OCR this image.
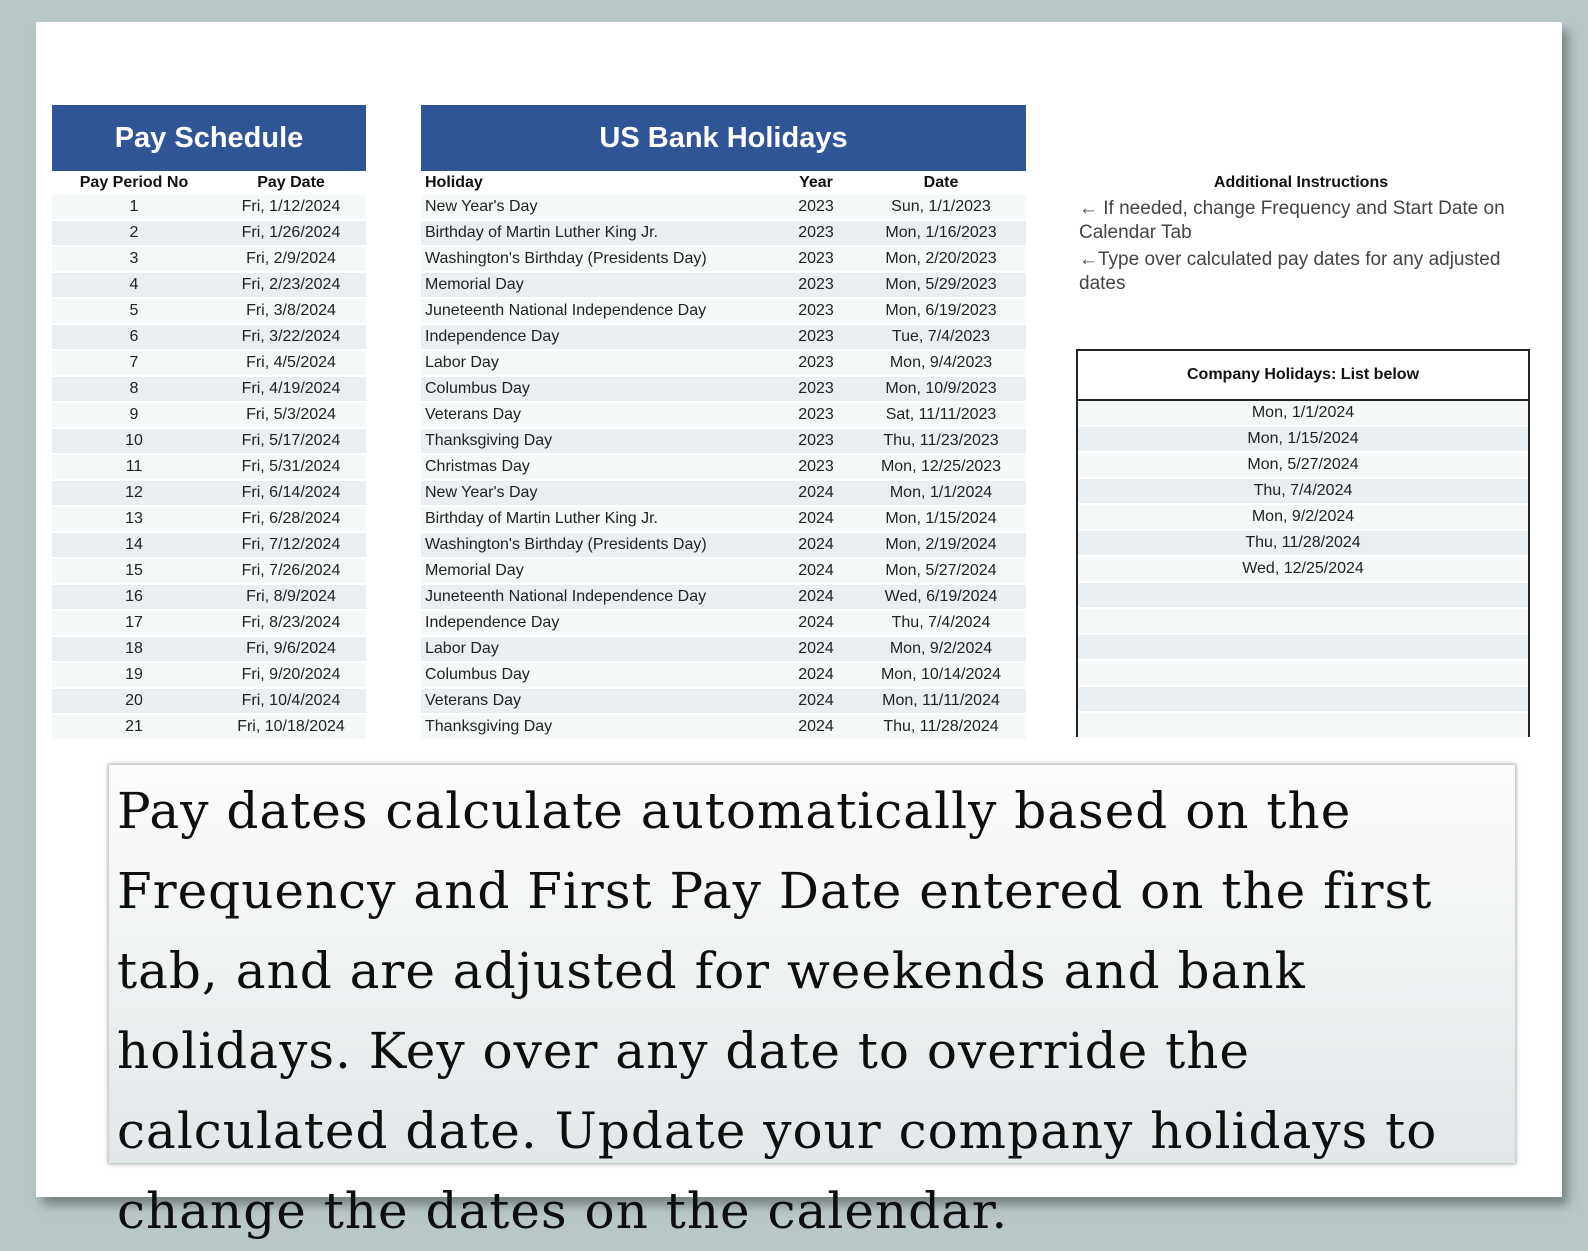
Pay Schedule
Pay Period No	Pay Date
1	Fri, 1/12/2024
2	Fri, 1/26/2024
3	Fri, 2/9/2024
4	Fri, 2/23/2024
5	Fri, 3/8/2024
6	Fri, 3/22/2024
7	Fri, 4/5/2024
8	Fri, 4/19/2024
9	Fri, 5/3/2024
10	Fri, 5/17/2024
11	Fri, 5/31/2024
12	Fri, 6/14/2024
13	Fri, 6/28/2024
14	Fri, 7/12/2024
15	Fri, 7/26/2024
16	Fri, 8/9/2024
17	Fri, 8/23/2024
18	Fri, 9/6/2024
19	Fri, 9/20/2024
20	Fri, 10/4/2024
21	Fri, 10/18/2024
US Bank Holidays
Holiday	Year	Date
New Year's Day	2023	Sun, 1/1/2023
Birthday of Martin Luther King Jr.	2023	Mon, 1/16/2023
Washington's Birthday (Presidents Day)	2023	Mon, 2/20/2023
Memorial Day	2023	Mon, 5/29/2023
Juneteenth National Independence Day	2023	Mon, 6/19/2023
Independence Day	2023	Tue, 7/4/2023
Labor Day	2023	Mon, 9/4/2023
Columbus Day	2023	Mon, 10/9/2023
Veterans Day	2023	Sat, 11/11/2023
Thanksgiving Day	2023	Thu, 11/23/2023
Christmas Day	2023	Mon, 12/25/2023
New Year's Day	2024	Mon, 1/1/2024
Birthday of Martin Luther King Jr.	2024	Mon, 1/15/2024
Washington's Birthday (Presidents Day)	2024	Mon, 2/19/2024
Memorial Day	2024	Mon, 5/27/2024
Juneteenth National Independence Day	2024	Wed, 6/19/2024
Independence Day	2024	Thu, 7/4/2024
Labor Day	2024	Mon, 9/2/2024
Columbus Day	2024	Mon, 10/14/2024
Veterans Day	2024	Mon, 11/11/2024
Thanksgiving Day	2024	Thu, 11/28/2024
Additional Instructions
← If needed, change Frequency and Start Date on Calendar Tab
←Type over calculated pay dates for any adjusted dates
Company Holidays: List below
Mon, 1/1/2024
Mon, 1/15/2024
Mon, 5/27/2024
Thu, 7/4/2024
Mon, 9/2/2024
Thu, 11/28/2024
Wed, 12/25/2024
Pay dates calculate automatically based on the Frequency and First Pay Date entered on the first tab, and are adjusted for weekends and bank holidays. Key over any date to override the calculated date. Update your company holidays to change the dates on the calendar.
